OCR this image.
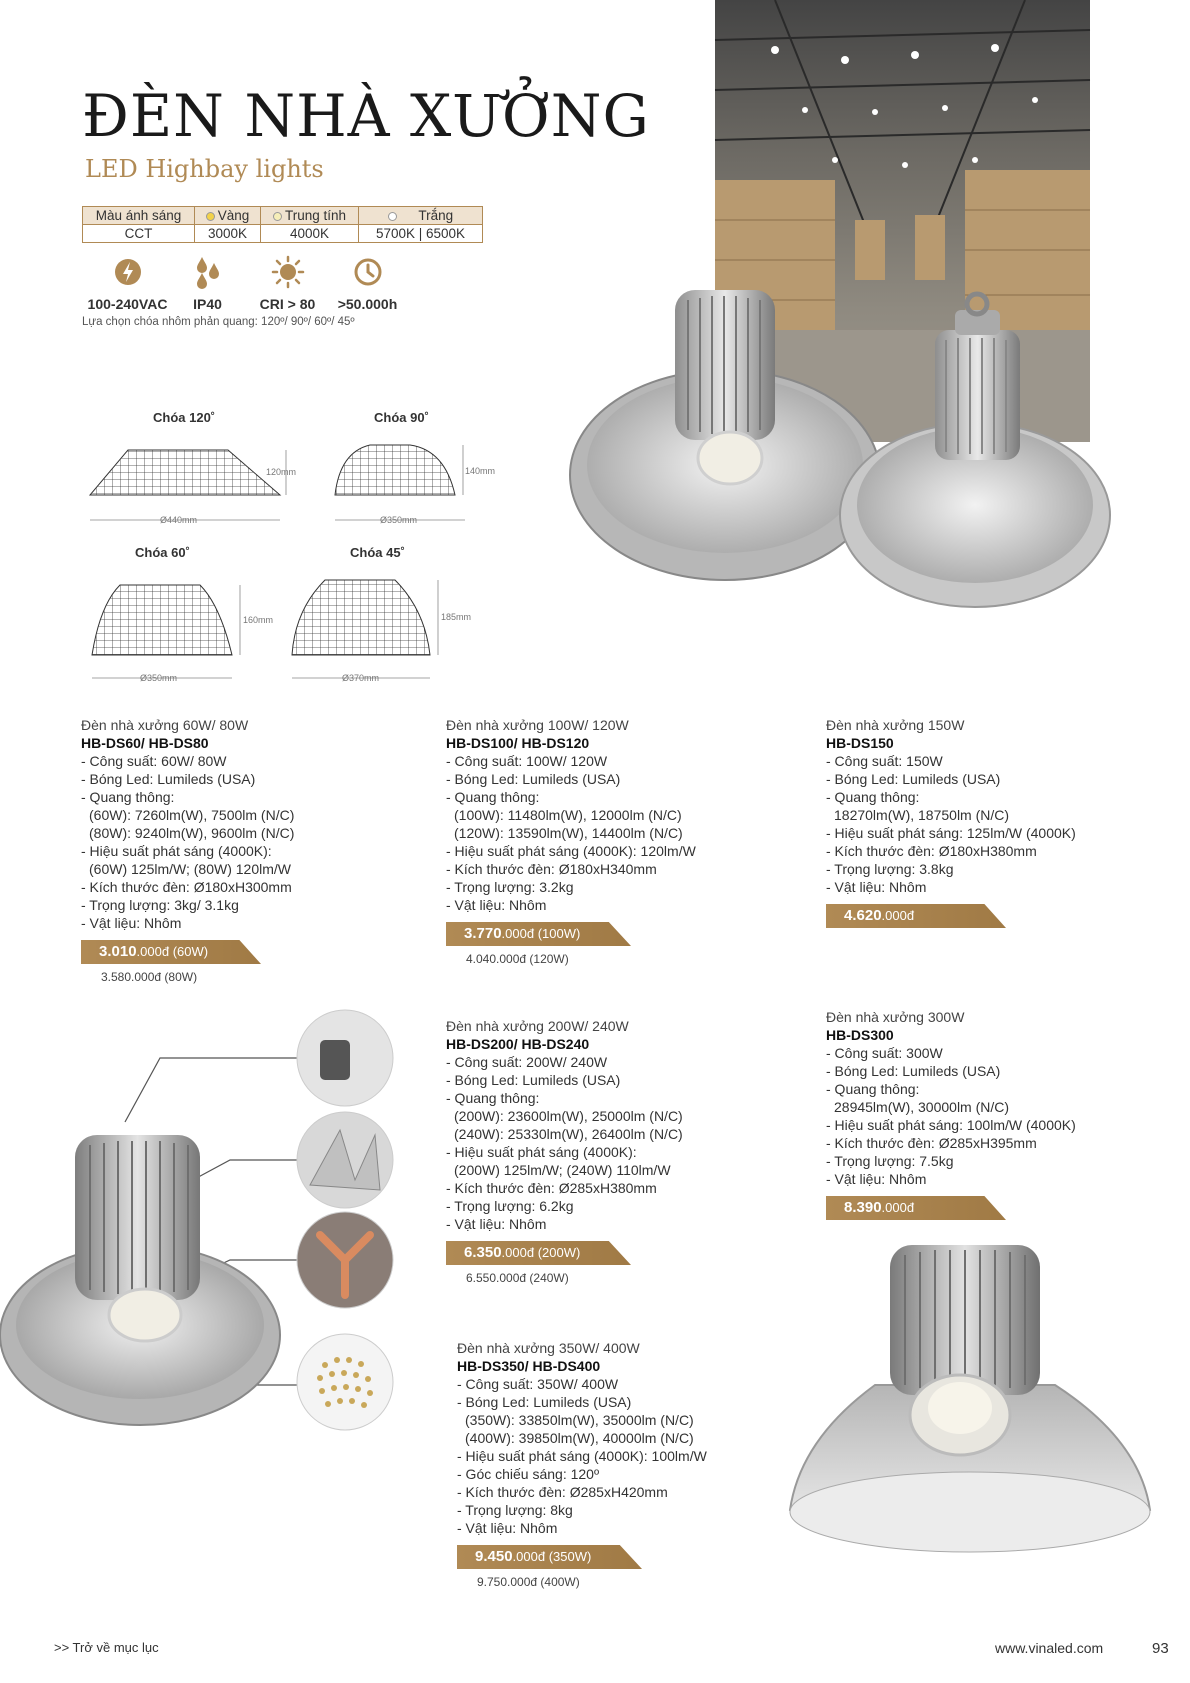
ĐÈN NHÀ XƯỞNG
LED Highbay lights
Màu ánh sáng	Vàng	Trung tính	Trắng
CCT	3000K	4000K	5700K | 6500K
100-240VAC	IP40	CRI > 80	>50.000h
Lựa chọn chóa nhôm phản quang: 120º/ 90º/ 60º/ 45º
Chóa 120˚	Chóa 90˚
Chóa 60˚	Chóa 45˚
120mm
Ø440mm
140mm
Ø350mm
160mm
Ø350mm
185mm
Ø370mm
Đèn nhà xưởng 60W/ 80W
HB-DS60/ HB-DS80
- Công suất: 60W/ 80W
- Bóng Led: Lumileds (USA)
- Quang thông:
(60W): 7260lm(W), 7500lm (N/C)
(80W): 9240lm(W), 9600lm (N/C)
- Hiệu suất phát sáng (4000K):
(60W) 125lm/W; (80W) 120lm/W
- Kích thước đèn: Ø180xH300mm
- Trọng lượng: 3kg/ 3.1kg
- Vật liệu: Nhôm
3.010.000đ (60W)
3.580.000đ (80W)
Đèn nhà xưởng 100W/ 120W
HB-DS100/ HB-DS120
- Công suất: 100W/ 120W
- Bóng Led: Lumileds (USA)
- Quang thông:
(100W): 11480lm(W), 12000lm (N/C)
(120W): 13590lm(W), 14400lm (N/C)
- Hiệu suất phát sáng (4000K): 120lm/W
- Kích thước đèn: Ø180xH340mm
- Trọng lượng: 3.2kg
- Vật liệu: Nhôm
3.770.000đ (100W)
4.040.000đ (120W)
Đèn nhà xưởng 150W
HB-DS150
- Công suất: 150W
- Bóng Led: Lumileds (USA)
- Quang thông:
18270lm(W), 18750lm (N/C)
- Hiệu suất phát sáng: 125lm/W (4000K)
- Kích thước đèn: Ø180xH380mm
- Trọng lượng: 3.8kg
- Vật liệu: Nhôm
4.620.000đ
Đèn nhà xưởng 200W/ 240W
HB-DS200/ HB-DS240
- Công suất: 200W/ 240W
- Bóng Led: Lumileds (USA)
- Quang thông:
(200W): 23600lm(W), 25000lm (N/C)
(240W): 25330lm(W), 26400lm (N/C)
- Hiệu suất phát sáng (4000K):
(200W) 125lm/W; (240W) 110lm/W
- Kích thước đèn: Ø285xH380mm
- Trọng lượng: 6.2kg
- Vật liệu: Nhôm
6.350.000đ (200W)
6.550.000đ (240W)
Đèn nhà xưởng 300W
HB-DS300
- Công suất: 300W
- Bóng Led: Lumileds (USA)
- Quang thông:
28945lm(W), 30000lm (N/C)
- Hiệu suất phát sáng: 100lm/W (4000K)
- Kích thước đèn: Ø285xH395mm
- Trọng lượng: 7.5kg
- Vật liệu: Nhôm
8.390.000đ
Đèn nhà xưởng 350W/ 400W
HB-DS350/ HB-DS400
- Công suất: 350W/ 400W
- Bóng Led: Lumileds (USA)
(350W): 33850lm(W), 35000lm (N/C)
(400W): 39850lm(W), 40000lm (N/C)
- Hiệu suất phát sáng (4000K): 100lm/W
- Góc chiếu sáng: 120º
- Kích thước đèn: Ø285xH420mm
- Trọng lượng: 8kg
- Vật liệu: Nhôm
9.450.000đ (350W)
9.750.000đ (400W)
>> Trở về mục lục	www.vinaled.com	93
